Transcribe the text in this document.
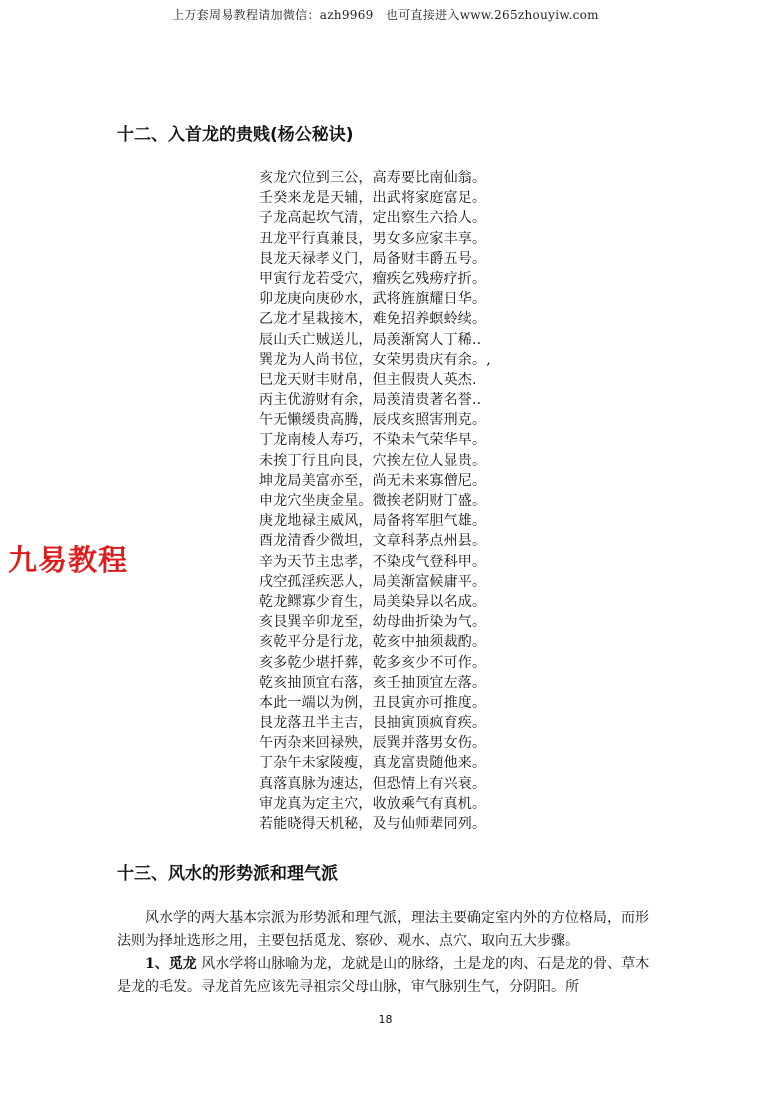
上万套周易教程请加微信：azh9969　也可直接进入www.265zhouyiw.com
十二、入首龙的贵贱(杨公秘诀)
亥龙穴位到三公，高寿要比南仙翁。
壬癸来龙是天辅，出武将家庭富足。
子龙高起坎气清，定出察生六拾人。
丑龙平行真兼艮，男女多应家丰享。
艮龙天禄孝义门，局备财丰爵五号。
甲寅行龙若受穴，瘤疾乞残痨疗折。
卯龙庚向庚砂水，武将旌旗耀日华。
乙龙才星栽接木，难免招养螟蛉续。
辰山夭亡贼送儿，局羡渐窝人丁稀..
巽龙为人尚书位，女荣男贵庆有余。,
巳龙天财丰财帛，但主假贵人英杰.
丙主优游财有余，局羡清贵著名誉..
午无懒缓贵高腾，辰戌亥照害刑克。
丁龙南棱人寿巧，不染未气荣华早。
未挨丁行且向艮，穴挨左位人显贵。
坤龙局美富亦至，尚无未来寡僧尼。
申龙穴坐庚金星。微挨老阴财丁盛。
庚龙地禄主威风，局备将军胆气雄。
酉龙清香少微坦，文章科茅点州县。
辛为天节主忠孝，不染戌气登科甲。
戌空孤淫疾恶人，局美渐富候庸平。
乾龙鳏寡少育生，局美染异以名成。
亥艮巽辛卯龙至，幼母曲折染为气。
亥乾平分是行龙，乾亥中抽须裁酌。
亥多乾少堪扦葬，乾多亥少不可作。
乾亥抽顶宜右落，亥壬抽顶宜左落。
本此一端以为例，丑艮寅亦可推度。
艮龙落丑半主吉，艮抽寅顶疯育疾。
午丙杂来回禄殃，辰巽并落男女伤。
丁杂午未家陵瘦，真龙富贵随他来。
真落真脉为速达，但恐情上有兴衰。
审龙真为定主穴，收放乘气有真机。
若能晓得天机秘，及与仙师辈同列。
九易教程
十三、风水的形势派和理气派

风水学的两大基本宗派为形势派和理气派，理法主要确定室内外的方位格局，而形法则为择址选形之用，主要包括觅龙、察砂、观水、点穴、取向五大步骤。

1、觅龙 风水学将山脉喻为龙，龙就是山的脉络，土是龙的肉、石是龙的骨、草木是龙的毛发。寻龙首先应该先寻祖宗父母山脉，审气脉别生气，分阴阳。所

18
